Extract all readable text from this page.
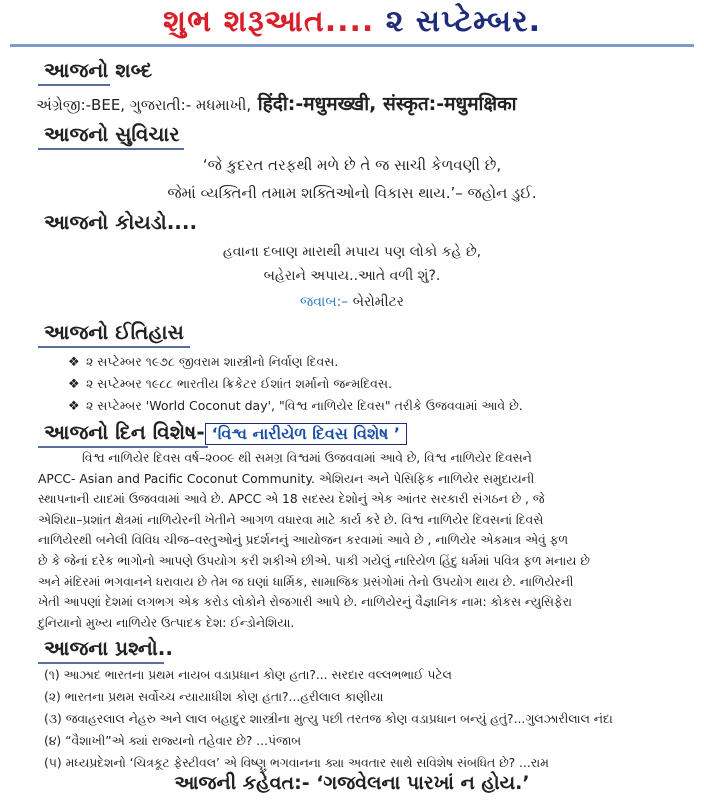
શુભ શરૂઆત.... ૨ સપ્ટેમ્બર.
આજનો શબ્દ
અંગ્રેજી:-BEE, ગુજરાતી:- મધમાખી, हिंदी:-मधुमख्खी, संस्कृत:-मधुमक्षिका
આજનો સુવિચાર
‘જે કુદરત તરફથી મળે છે તે જ સાચી કેળવણી છે,
જેમાં વ્યક્તિની તમામ શક્તિઓનો વિકાસ થાય.’– જહોન ડુઈ.
આજનો કોયડો....
હવાના દબાણ મારાથી મપાય પણ લોકો કહે છે,
બહેરાને અપાય..આતે વળી શું?.
જવાબ:– બેરોમીટર
આજનો ઈતિહાસ
❖ ૨ સપ્ટેમ્બર ૧૯૭૮ જીવરામ શાસ્ત્રીનો નિર્વાણ દિવસ.
❖ ૨ સપ્ટેમ્બર ૧૯૮૮ ભારતીય ક્રિકેટર ઈશાંત શર્માનો જન્મદિવસ.
❖ ૨ સપ્ટેમ્બર 'World Coconut day', "વિશ્વ નાળિયેર દિવસ" તરીકે ઉજવવામાં આવે છે.
આજનો દિન વિશેષ- ‘વિશ્વ નારીયેળ દિવસ વિશેષ ’
વિશ્વ નાળિયેર દિવસ વર્ષ–૨૦૦૯ થી સમગ્ર વિશ્વમાં ઉજવવામાં આવે છે, વિશ્વ નાળિયેર દિવસને
APCC- Asian and Pacific Coconut Community. એશિયન અને પેસિફિક નાળિયેર સમુદાયની
સ્થાપનાની યાદમાં ઉજવવામાં આવે છે. APCC એ 18 સદસ્ય દેશોનું એક આંતર સરકારી સંગઠન છે , જે
એશિયા–પ્રશાંત ક્ષેત્રમાં નાળિયેરની ખેતીને આગળ વધારવા માટે કાર્ય કરે છે. વિશ્વ નાળિયેર દિવસનાં દિવસે
નાળિયેરથી બનેલી વિવિધ ચીજ–વસ્તુઓનું પ્રદર્શનનું આયોજન કરવામાં આવે છે , નાળિયેર એકમાત્ર એવું ફળ
છે કે જેનાં દરેક ભાગોનો આપણે ઉપયોગ કરી શકીએ છીએ. પાકી ગયેલું નારિયેળ હિંદુ ધર્મમાં પવિત્ર ફળ મનાય છે
અને મંદિરમાં ભગવાનને ધરાવાય છે તેમ જ ઘણાં ધાર્મિક, સામાજિક પ્રસંગોમાં તેનો ઉપયોગ થાય છે. નાળિયેરની
ખેતી આપણાં દેશમાં લગભગ એક કરોડ લોકોને રોજગારી આપે છે. નાળિયેરનું વૈજ્ઞાનિક નામ: કોકસ ન્યુસિફેરા
દુનિયાનો મુખ્ય નાળિયેર ઉત્પાદક દેશ: ઈન્ડોનેશિયા.
આજના પ્રશ્નો..
(૧) આઝાદ ભારતના પ્રથમ નાયબ વડાપ્રધાન કોણ હતા?... સરદાર વલ્લભભાઈ પટેલ
(૨) ભારતના પ્રથમ સર્વોચ્ચ ન્યાયાધીશ કોણ હતા?...હરીલાલ કાણીયા
(૩) જવાહરલાલ નેહરુ અને લાલ બહાદુર શાસ્ત્રીના મુત્યુ પછી તરતજ કોણ વડાપ્રધાન બન્યું હતું?...ગુલઝારીલાલ નંદા
(૪) “વૈશાખી”એ ક્યાં રાજ્યનો તહેવાર છે? ...પંજાબ
(૫) મધ્યપ્રદેશનો ‘ચિત્રકૂટ ફેસ્ટીવલ’ એ વિષ્ણુ ભગવાનના ક્યા અવતાર સાથે સવિશેષ સંબધિત છે? ...રામ
આજની કહેવત:- ‘ગજવેલના પારખાં ન હોય.’
